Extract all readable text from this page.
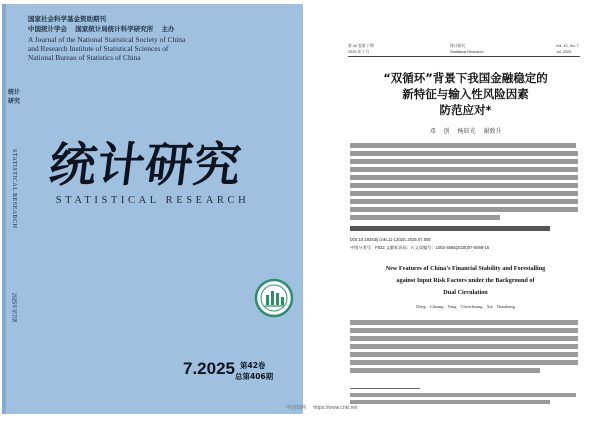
国家社会科学基金资助期刊
中国统计学会 国家统计局统计科学研究所 主办
A Journal of the National Statistical Society of China
and Research Institute of Statistical Sciences of
National Bureau of Statistics of China
统计研究
STATISTICAL RESEARCH
2025年第7期
统计研究
STATISTICAL RESEARCH
7.2025 第42卷
总第406期
第 42 卷第 7 期	统计研究	Vol. 42, No. 7
2025 年 7 月	Statistical Research	Jul. 2025
“双循环”背景下我国金融稳定的
新特征与输入性风险因素
防范应对*
邓 创 杨辰光 谢敦升
DOI:10.19343/j.cnki.11-1302/c.2025.07.005
中图分类号：F832 文献标识码：A 文章编号：1002-4565(2025)07-0068-15
New Features of China’s Financial Stability and Forestalling
against Input Risk Factors under the Background of
Dual Circulation
Deng Chuang Yang Chenchuang Xie Dunsheng
中国知网 https://www.cnki.net
